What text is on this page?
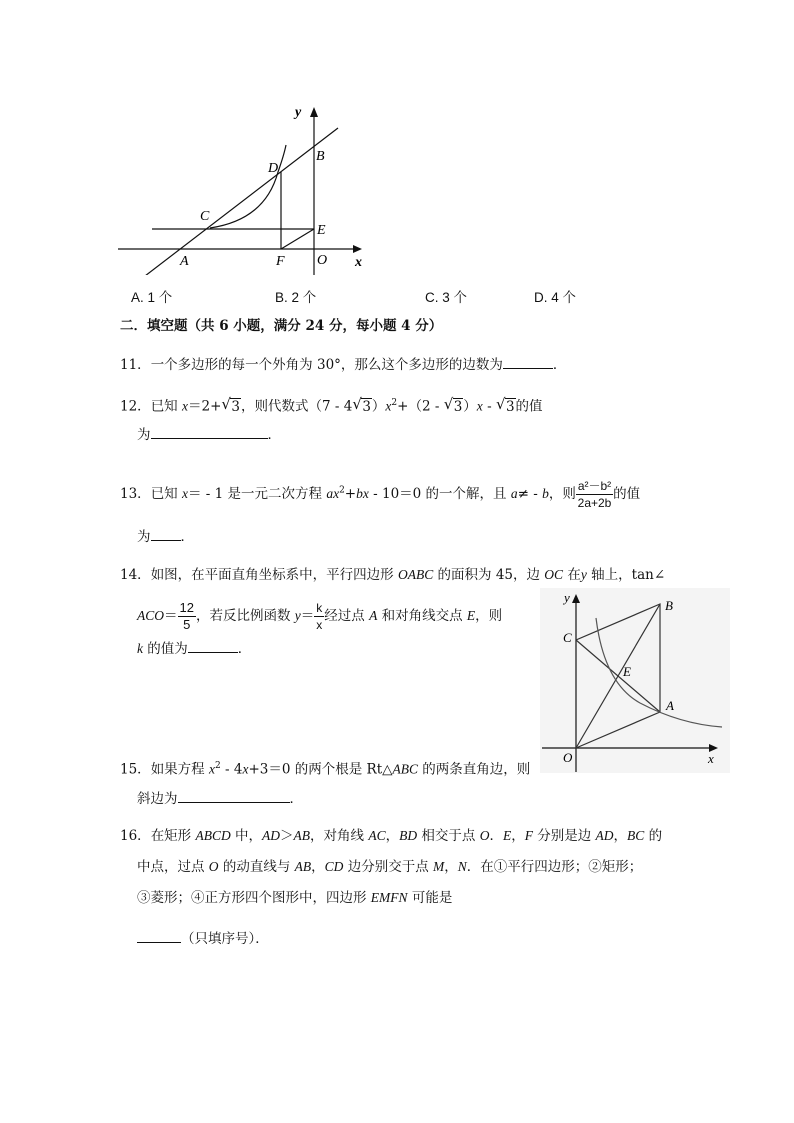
y
B
D
C
E
A	F O x
A. 1 个	B. 2 个	C. 3 个	D. 4 个
二．填空题（共 6 小题，满分 24 分，每小题 4 分）
11．一个多边形的每一个外角为 30°，那么这个多边形的边数为	．
12．已知 x＝2+ √ 3，则代数式（7 - 4 √ $3)x^2+(2$ - √ 3）x - √ 3的值
为	．
13．已知 x＝ - 1 是一元二次方程 $ax^2+bx - 10=0$ 的一个解，且 a≠ - b，则 $\frac{\text{a²－b²}}{2a+2b}$ 的值
为 ．
14．如图，在平面直角坐标系中，平行四边形 OABC 的面积为 45，边 OC 在y 轴上，tan∠
$ACO= \frac{12}{5}$ ，若反比例函数 $y= \frac{k}{x}$ 经过点 A 和对角线交点 E，则
k 的值为	．
y
B
C
E
A
O	x
15．如果方程 $x^2 - 4x+3=0$ 的两个根是 Rt△ABC 的两条直角边，则
斜边为	．
16．在矩形 ABCD 中，AD＞AB，对角线 AC，BD 相交于点 O．E，F 分别是边 AD，BC 的
中点，过点 O 的动直线与 AB，CD 边分别交于点 M，N．在①平行四边形；②矩形；
③菱形；④正方形四个图形中，四边形 EMFN 可能是
（只填序号）．
